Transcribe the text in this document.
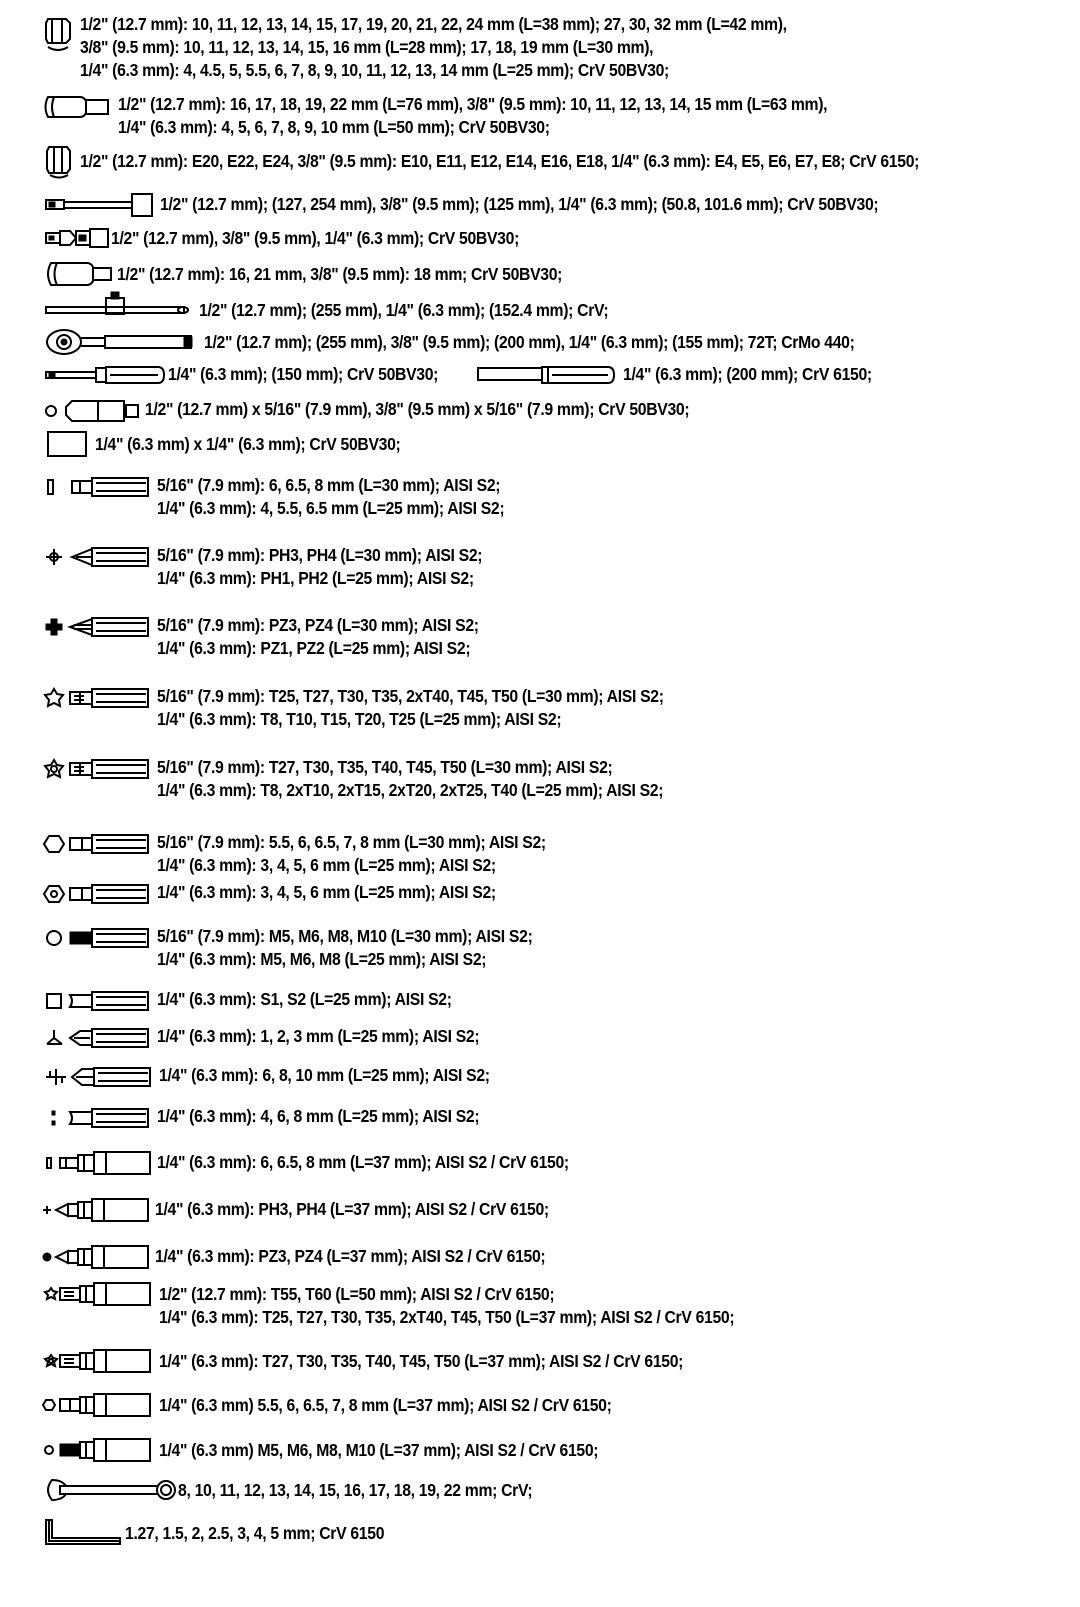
1/2" (12.7 mm): 10, 11, 12, 13, 14, 15, 17, 19, 20, 21, 22, 24 mm (L=38 mm); 27, 30, 32 mm (L=42 mm),
3/8" (9.5 mm): 10, 11, 12, 13, 14, 15, 16 mm (L=28 mm); 17, 18, 19 mm (L=30 mm),
1/4" (6.3 mm): 4, 4.5, 5, 5.5, 6, 7, 8, 9, 10, 11, 12, 13, 14 mm (L=25 mm); CrV 50BV30;
1/2" (12.7 mm): 16, 17, 18, 19, 22 mm (L=76 mm), 3/8" (9.5 mm): 10, 11, 12, 13, 14, 15 mm (L=63 mm),
1/4" (6.3 mm): 4, 5, 6, 7, 8, 9, 10 mm (L=50 mm); CrV 50BV30;
1/2" (12.7 mm): E20, E22, E24, 3/8" (9.5 mm): E10, E11, E12, E14, E16, E18, 1/4" (6.3 mm): E4, E5, E6, E7, E8; CrV 6150;
1/2" (12.7 mm); (127, 254 mm), 3/8" (9.5 mm); (125 mm), 1/4" (6.3 mm); (50.8, 101.6 mm); CrV 50BV30;
1/2" (12.7 mm), 3/8" (9.5 mm), 1/4" (6.3 mm); CrV 50BV30;
1/2" (12.7 mm): 16, 21 mm, 3/8" (9.5 mm): 18 mm; CrV 50BV30;
1/2" (12.7 mm); (255 mm), 1/4" (6.3 mm); (152.4 mm); CrV;
1/2" (12.7 mm); (255 mm), 3/8" (9.5 mm); (200 mm), 1/4" (6.3 mm); (155 mm); 72T; CrMo 440;
1/4" (6.3 mm); (150 mm); CrV 50BV30;	1/4" (6.3 mm); (200 mm); CrV 6150;
1/2" (12.7 mm) x 5/16" (7.9 mm), 3/8" (9.5 mm) x 5/16" (7.9 mm); CrV 50BV30;
1/4" (6.3 mm) x 1/4" (6.3 mm); CrV 50BV30;
5/16" (7.9 mm): 6, 6.5, 8 mm (L=30 mm); AISI S2;
1/4" (6.3 mm): 4, 5.5, 6.5 mm (L=25 mm); AISI S2;
5/16" (7.9 mm): PH3, PH4 (L=30 mm); AISI S2;
1/4" (6.3 mm): PH1, PH2 (L=25 mm); AISI S2;
5/16" (7.9 mm): PZ3, PZ4 (L=30 mm); AISI S2;
1/4" (6.3 mm): PZ1, PZ2 (L=25 mm); AISI S2;
5/16" (7.9 mm): T25, T27, T30, T35, 2xT40, T45, T50 (L=30 mm); AISI S2;
1/4" (6.3 mm): T8, T10, T15, T20, T25 (L=25 mm); AISI S2;
5/16" (7.9 mm): T27, T30, T35, T40, T45, T50 (L=30 mm); AISI S2;
1/4" (6.3 mm): T8, 2xT10, 2xT15, 2xT20, 2xT25, T40 (L=25 mm); AISI S2;
5/16" (7.9 mm): 5.5, 6, 6.5, 7, 8 mm (L=30 mm); AISI S2;
1/4" (6.3 mm): 3, 4, 5, 6 mm (L=25 mm); AISI S2;
1/4" (6.3 mm): 3, 4, 5, 6 mm (L=25 mm); AISI S2;
5/16" (7.9 mm): M5, M6, M8, M10 (L=30 mm); AISI S2;
1/4" (6.3 mm): M5, M6, M8 (L=25 mm); AISI S2;
1/4" (6.3 mm): S1, S2 (L=25 mm); AISI S2;
1/4" (6.3 mm): 1, 2, 3 mm (L=25 mm); AISI S2;
1/4" (6.3 mm): 6, 8, 10 mm (L=25 mm); AISI S2;
1/4" (6.3 mm): 4, 6, 8 mm (L=25 mm); AISI S2;
1/4" (6.3 mm): 6, 6.5, 8 mm (L=37 mm); AISI S2 / CrV 6150;
1/4" (6.3 mm): PH3, PH4 (L=37 mm); AISI S2 / CrV 6150;
1/4" (6.3 mm): PZ3, PZ4 (L=37 mm); AISI S2 / CrV 6150;
1/2" (12.7 mm): T55, T60 (L=50 mm); AISI S2 / CrV 6150;
1/4" (6.3 mm): T25, T27, T30, T35, 2xT40, T45, T50 (L=37 mm); AISI S2 / CrV 6150;
1/4" (6.3 mm): T27, T30, T35, T40, T45, T50 (L=37 mm); AISI S2 / CrV 6150;
1/4" (6.3 mm) 5.5, 6, 6.5, 7, 8 mm (L=37 mm); AISI S2 / CrV 6150;
1/4" (6.3 mm) M5, M6, M8, M10 (L=37 mm); AISI S2 / CrV 6150;
8, 10, 11, 12, 13, 14, 15, 16, 17, 18, 19, 22 mm; CrV;
1.27, 1.5, 2, 2.5, 3, 4, 5 mm; CrV 6150
